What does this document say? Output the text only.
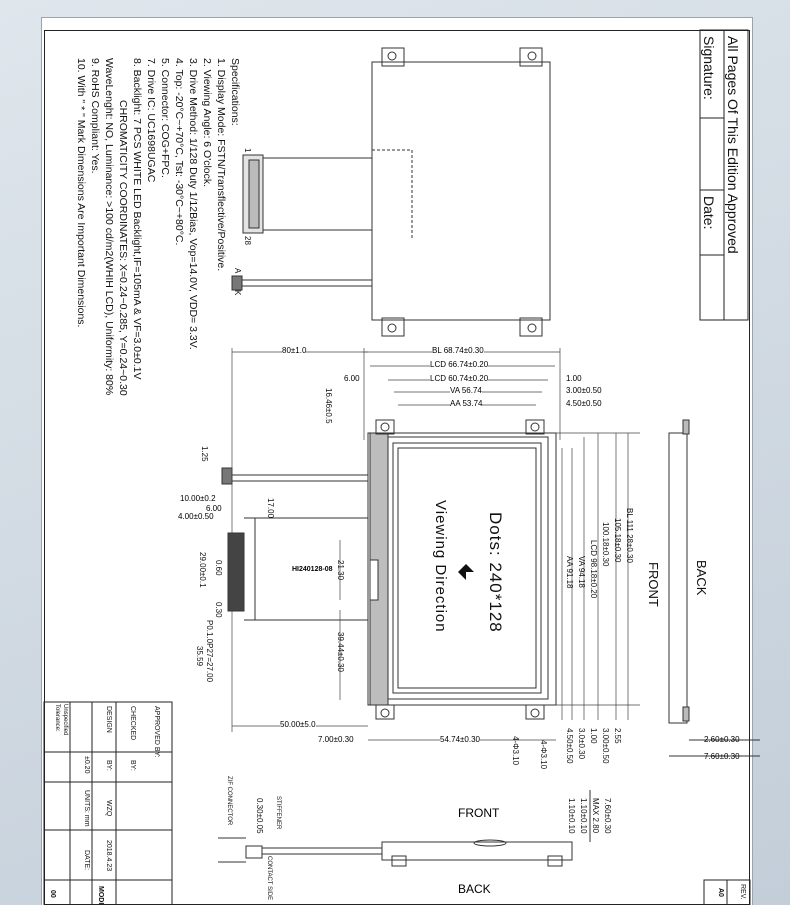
All Pages Of This Edition Approved
Signature:
Date:
Specifications:
1. Display Mode: FSTN/Transflective/Positive.
2. Viewing Angle: 6 O'clock.
3. Drive Method: 1/128 Duty 1/12Bias, Vop=14.0V, VDD= 3.3V.
4. Top: -20°C~+70°C, Tst: -30°C~+80°C.
5. Connector: COG+FPC.
7. Drive IC: UC1698UGAC
8. Backlight: 7 PCS WHITE LED Backlight,IF=105mA & VF=3.0±0.1V
CHROMATICITY COORDINATES: X=0.24~0.285, Y=0.24~0.30
WaveLenght: NO, Luminance: >100 cd/m2(WHIH LCD), Uniformity: 80%
9. RoHS Compliant: Yes.
10. With " * " Mark Dimensions Are Important Dimensions.	1
28
A
K
80±1.0	BL 68.74±0.30
LCD 66.74±0.20
LCD 60.74±0.20
VA 56.74
AA 53.74
6.00	1.00
3.00±0.50
4.50±0.50
10.00±0.2
6.00
4.00±0.50
HI240128-08
50.00±5.0
7.00±0.30	54.74±0.30	2.60±0.30
7.60±0.30
16.46±0.5
1.25
17.00
29.00±0.1 0.60
0.30
21.30
39.44±0.30
P0.1.0P27=27.00
35.59
4-Φ3.10 4-Φ3.10
BL 111.28±0.30
105.18±0.30
100.18±0.30
LCD 98.18±0.20
VA 94.18
AA 91.18
2.55
3.00±0.50
1.00
3.0±0.30
4.50±0.50
7.60±0.30
MAX 2.80
1.10±0.10
1.10±0.10
STIFFENER
0.30±0.05
ZIF CONNECTOR
CONTACT SIDE
Dots: 240*128
Viewing Direction	FRONT	BACK
FRONT
BACK
Unspecified
Tolerance:
±0.20
UNITS: mm
DESIGN
BY:
WZQ
DATE: 2018.4.23
CHECKED
BY:
APPROVED BY:
MODI
00	REV.
A0
